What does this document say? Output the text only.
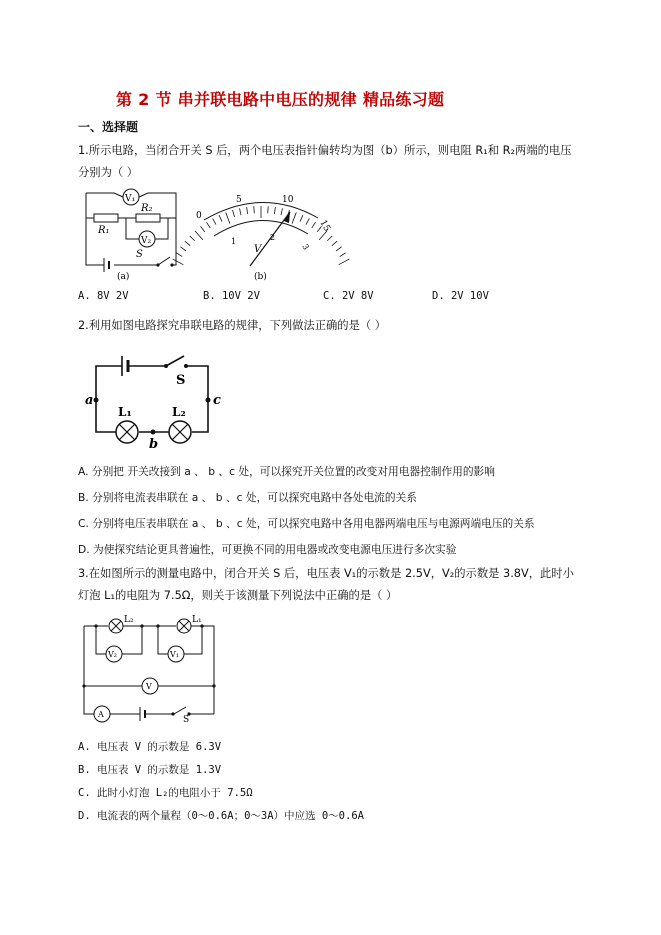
第 2 节 串并联电路中电压的规律 精品练习题
一、选择题
1.所示电路，当闭合开关 S 后，两个电压表指针偏转均为图（b）所示，则电阻 R₁和 R₂两端的电压
分别为（ ）
V₁
V₂
R₁
R₂
S
(a)
0
5	10
15
1	2
3
V
(b)
A. 8V 2V	B. 10V 2V	C. 2V 8V	D. 2V 10V
2.利用如图电路探究串联电路的规律，下列做法正确的是（ ）
S
a	c
b
L₁	L₂
A. 分别把 开关改接到 a 、 b 、c 处，可以探究开关位置的改变对用电器控制作用的影响
B. 分别将电流表串联在 a 、 b 、c 处，可以探究电路中各处电流的关系
C. 分别将电压表串联在 a 、 b 、c 处，可以探究电路中各用电器两端电压与电源两端电压的关系
D. 为使探究结论更具普遍性，可更换不同的用电器或改变电源电压进行多次实验
3.在如图所示的测量电路中，闭合开关 S 后，电压表 V₁的示数是 2.5V，V₂的示数是 3.8V，此时小
灯泡 L₁的电阻为 7.5Ω，则关于该测量下列说法中正确的是（ ）
L₂	L₁
V₂	V₁
V
A
S
A. 电压表 V 的示数是 6.3V
B. 电压表 V 的示数是 1.3V
C. 此时小灯泡 L₂的电阻小于 7.5Ω
D. 电流表的两个量程（0～0.6A；0～3A）中应选 0～0.6A
